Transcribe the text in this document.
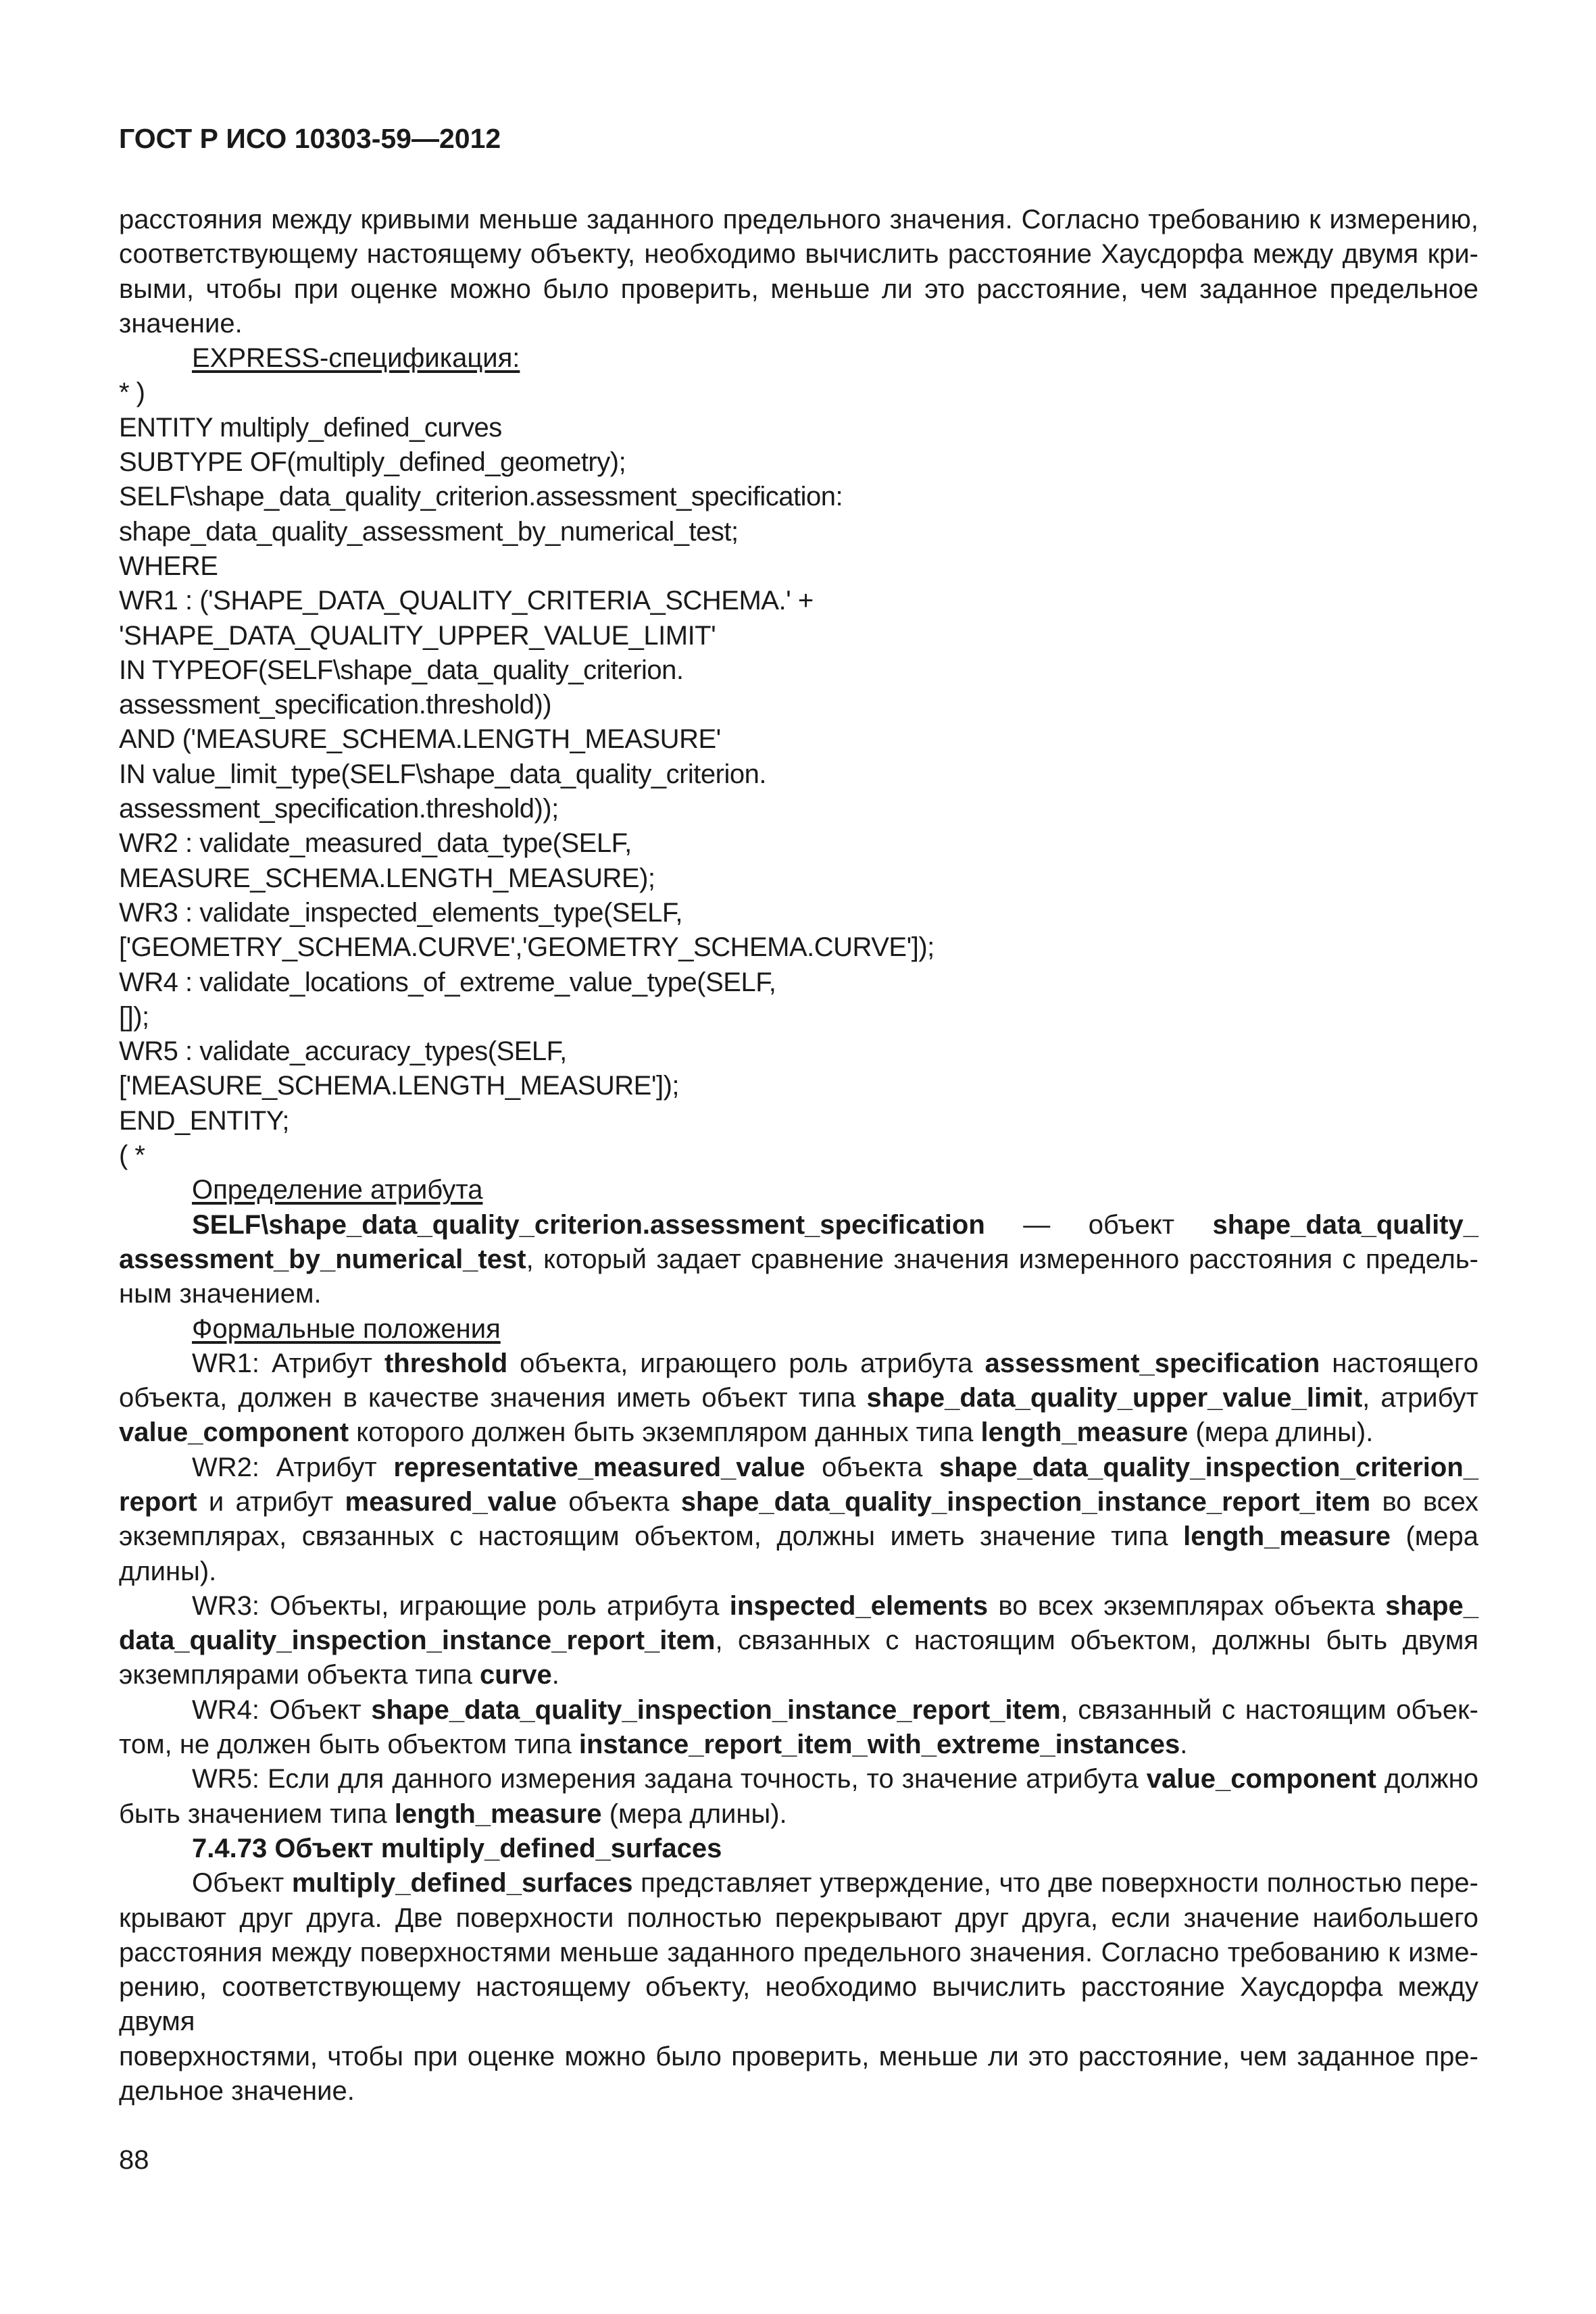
ГОСТ Р ИСО 10303-59—2012

расстояния между кривыми меньше заданного предельного значения. Согласно требованию к измерению,

соответствующему настоящему объекту, необходимо вычислить расстояние Хаусдорфа между двумя кри-

выми, чтобы при оценке можно было проверить, меньше ли это расстояние, чем заданное предельное

значение.

EXPRESS-спецификация:

* )

ENTITY multiply_defined_curves

SUBTYPE OF(multiply_defined_geometry);

SELF\shape_data_quality_criterion.assessment_specification:

shape_data_quality_assessment_by_numerical_test;

WHERE

WR1 : ('SHAPE_DATA_QUALITY_CRITERIA_SCHEMA.' +

'SHAPE_DATA_QUALITY_UPPER_VALUE_LIMIT'

IN TYPEOF(SELF\shape_data_quality_criterion.

assessment_specification.threshold))

AND ('MEASURE_SCHEMA.LENGTH_MEASURE'

IN value_limit_type(SELF\shape_data_quality_criterion.

assessment_specification.threshold));

WR2 : validate_measured_data_type(SELF,

MEASURE_SCHEMA.LENGTH_MEASURE);

WR3 : validate_inspected_elements_type(SELF,

['GEOMETRY_SCHEMA.CURVE','GEOMETRY_SCHEMA.CURVE']);

WR4 : validate_locations_of_extreme_value_type(SELF,

[]);

WR5 : validate_accuracy_types(SELF,

['MEASURE_SCHEMA.LENGTH_MEASURE']);

END_ENTITY;

( *

Определение атрибута

SELF\shape_data_quality_criterion.assessment_specification — объект shape_data_quality_

assessment_by_numerical_test, который задает сравнение значения измеренного расстояния с предель-

ным значением.

Формальные положения

WR1: Атрибут threshold объекта, играющего роль атрибута assessment_specification настоящего

объекта, должен в качестве значения иметь объект типа shape_data_quality_upper_value_limit, атрибут

value_component которого должен быть экземпляром данных типа length_measure (мера длины).

WR2: Атрибут representative_measured_value объекта shape_data_quality_inspection_criterion_

report и атрибут measured_value объекта shape_data_quality_inspection_instance_report_item во всех

экземплярах, связанных с настоящим объектом, должны иметь значение типа length_measure (мера

длины).

WR3: Объекты, играющие роль атрибута inspected_elements во всех экземплярах объекта shape_

data_quality_inspection_instance_report_item, связанных с настоящим объектом, должны быть двумя

экземплярами объекта типа curve.

WR4: Объект shape_data_quality_inspection_instance_report_item, связанный с настоящим объек-

том, не должен быть объектом типа instance_report_item_with_extreme_instances.

WR5: Если для данного измерения задана точность, то значение атрибута value_component должно

быть значением типа length_measure (мера длины).

7.4.73 Объект multiply_defined_surfaces

Объект multiply_defined_surfaces представляет утверждение, что две поверхности полностью пере-

крывают друг друга. Две поверхности полностью перекрывают друг друга, если значение наибольшего

расстояния между поверхностями меньше заданного предельного значения. Согласно требованию к изме-

рению, соответствующему настоящему объекту, необходимо вычислить расстояние Хаусдорфа между двумя

поверхностями, чтобы при оценке можно было проверить, меньше ли это расстояние, чем заданное пре-

дельное значение.

88
